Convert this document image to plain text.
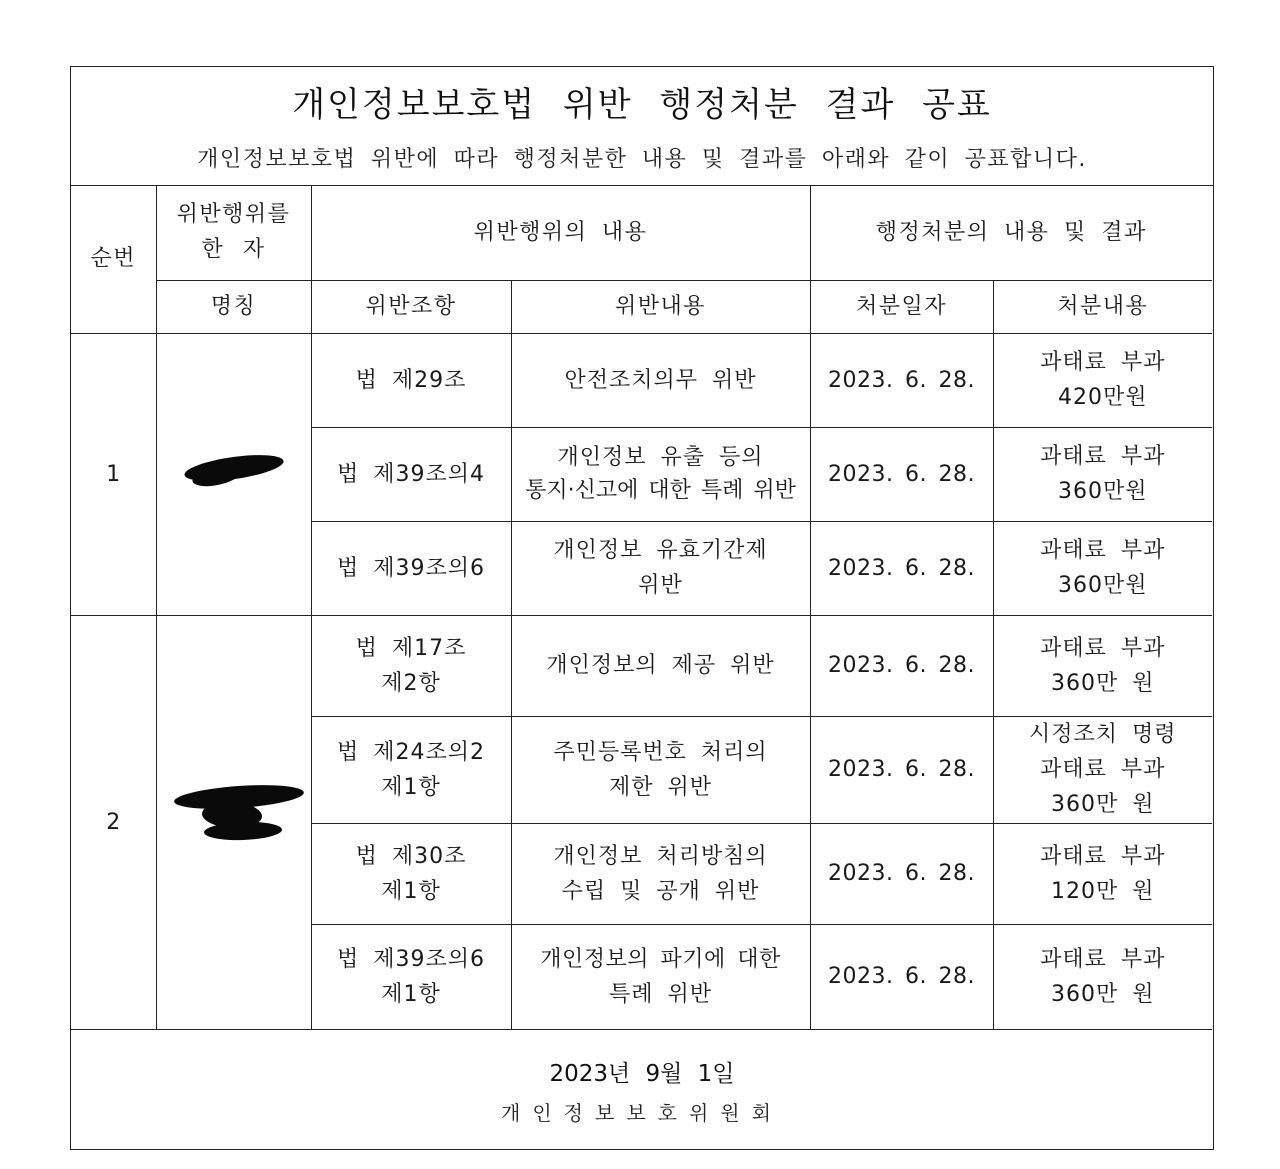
개인정보보호법 위반 행정처분 결과 공표
개인정보보호법 위반에 따라 행정처분한 내용 및 결과를 아래와 같이 공표합니다.
순번	위반행위를
한 자	위반행위의 내용		행정처분의 내용 및 결과	
	명칭	위반조항	위반내용	처분일자	처분내용
1		법 제29조	안전조치의무 위반	2023. 6. 28.	과태료 부과
420만원

		법 제39조의4	개인정보 유출 등의
통지·신고에 대한 특례 위반	2023. 6. 28.	과태료 부과
360만원

		법 제39조의6	개인정보 유효기간제
위반	2023. 6. 28.	과태료 부과
360만원

2		법 제17조
제2항	개인정보의 제공 위반	2023. 6. 28.	과태료 부과
360만 원

		법 제24조의2
제1항	주민등록번호 처리의
제한 위반	2023. 6. 28.	시정조치 명령
과태료 부과
360만 원

		법 제30조
제1항	개인정보 처리방침의
수립 및 공개 위반	2023. 6. 28.	과태료 부과
120만 원

		법 제39조의6
제1항	개인정보의 파기에 대한
특례 위반	2023. 6. 28.	과태료 부과
360만 원
2023년 9월 1일
개인정보보호위원회
